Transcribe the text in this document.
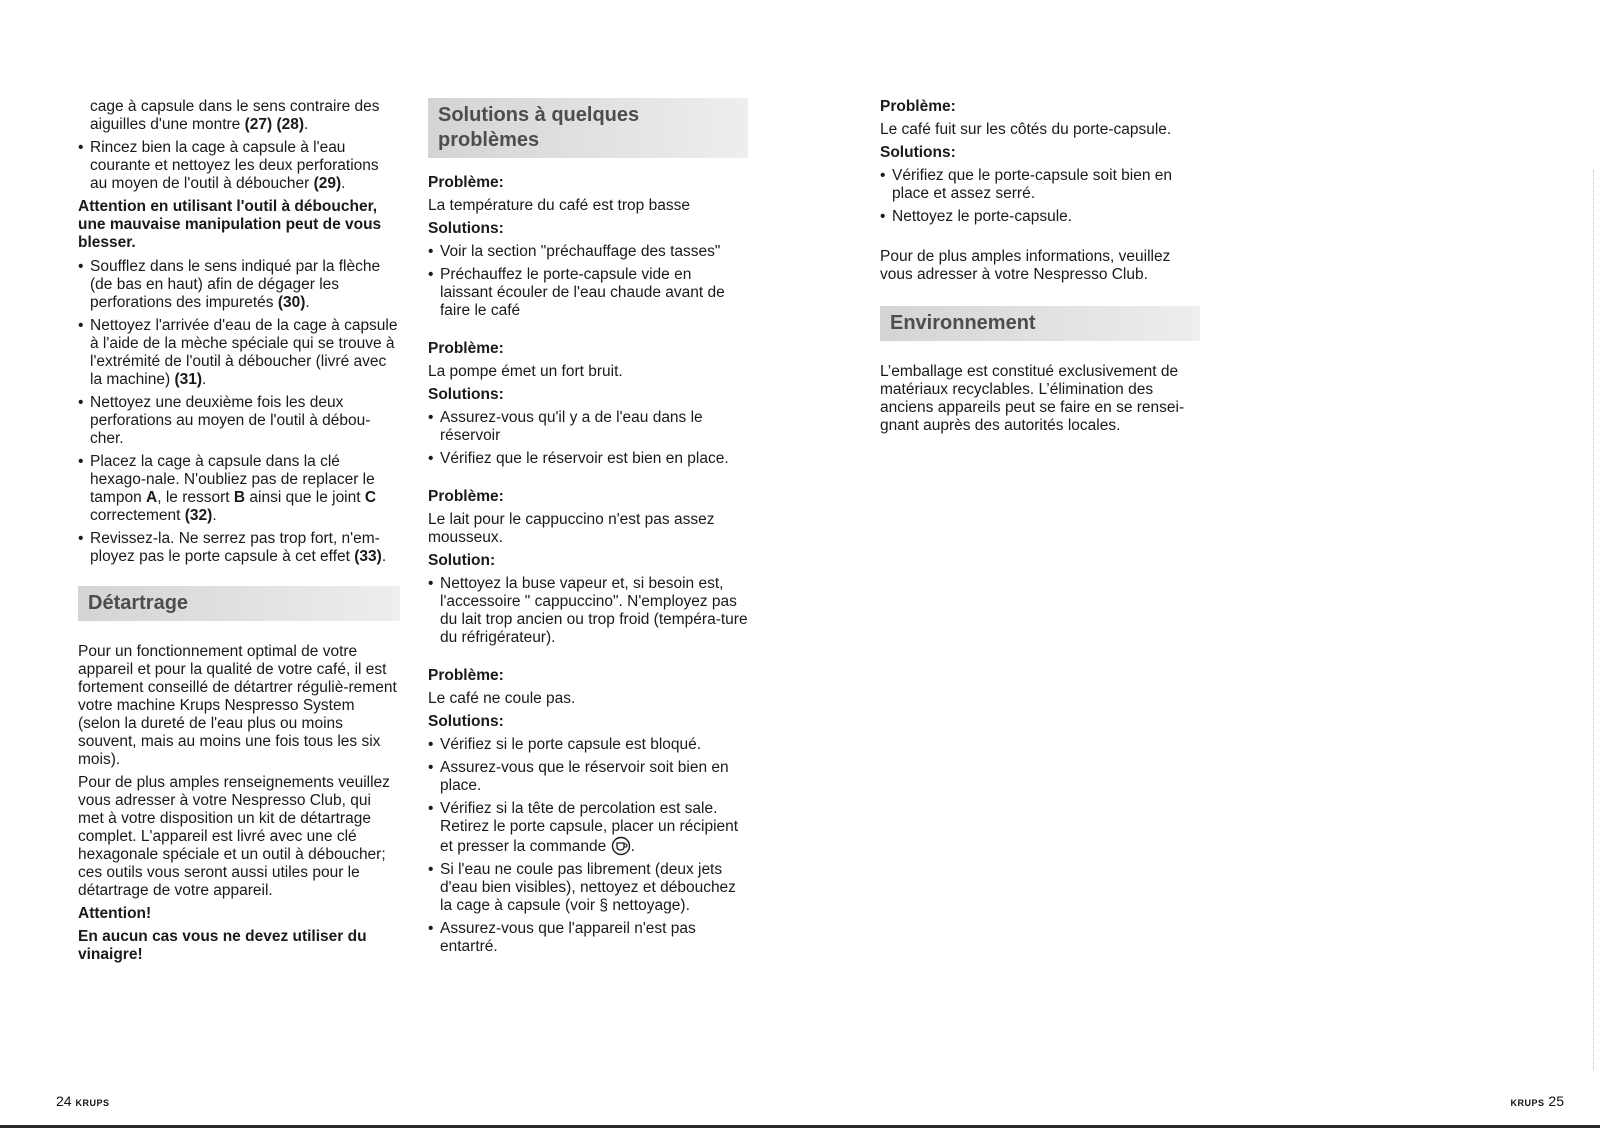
cage à capsule dans le sens contraire des aiguilles d'une montre (27) (28).

• Rincez bien la cage à capsule à l'eau courante et nettoyez les deux perforations au moyen de l'outil à déboucher (29).

Attention en utilisant l'outil à déboucher, une mauvaise manipulation peut de vous blesser.

• Soufflez dans le sens indiqué par la flèche (de bas en haut) afin de dégager les perforations des impuretés (30).

• Nettoyez l'arrivée d'eau de la cage à capsule à l'aide de la mèche spéciale qui se trouve à l'extrémité de l'outil à déboucher (livré avec la machine) (31).

• Nettoyez une deuxième fois les deux perforations au moyen de l'outil à débou-cher.

• Placez la cage à capsule dans la clé hexago-nale. N'oubliez pas de replacer le tampon A, le ressort B ainsi que le joint C correctement (32).

• Revissez-la. Ne serrez pas trop fort, n'em-ployez pas le porte capsule à cet effet (33).

Détartrage

Pour un fonctionnement optimal de votre appareil et pour la qualité de votre café, il est fortement conseillé de détartrer réguliè-rement votre machine Krups Nespresso System (selon la dureté de l'eau plus ou moins souvent, mais au moins une fois tous les six mois).

Pour de plus amples renseignements veuillez vous adresser à votre Nespresso Club, qui met à votre disposition un kit de détartrage complet. L'appareil est livré avec une clé hexagonale spéciale et un outil à déboucher; ces outils vous seront aussi utiles pour le détartrage de votre appareil.

Attention!

En aucun cas vous ne devez utiliser du vinaigre!

Solutions à quelques problèmes

Problème:

La température du café est trop basse

Solutions:

• Voir la section "préchauffage des tasses"

• Préchauffez le porte-capsule vide en laissant écouler de l'eau chaude avant de faire le café

Problème:

La pompe émet un fort bruit.

Solutions:

• Assurez-vous qu'il y a de l'eau dans le réservoir

• Vérifiez que le réservoir est bien en place.

Problème:

Le lait pour le cappuccino n'est pas assez mousseux.

Solution:

• Nettoyez la buse vapeur et, si besoin est, l'accessoire " cappuccino". N'employez pas du lait trop ancien ou trop froid (tempéra-ture du réfrigérateur).

Problème:

Le café ne coule pas.

Solutions:

• Vérifiez si le porte capsule est bloqué.

• Assurez-vous que le réservoir soit bien en place.

• Vérifiez si la tête de percolation est sale.

Retirez le porte capsule, placer un récipient et presser la commande .

• Si l'eau ne coule pas librement (deux jets d'eau bien visibles), nettoyez et débouchez la cage à capsule (voir § nettoyage).

• Assurez-vous que l'appareil n'est pas entartré.

Problème:

Le café fuit sur les côtés du porte-capsule.

Solutions:

• Vérifiez que le porte-capsule soit bien en place et assez serré.

• Nettoyez le porte-capsule.

Pour de plus amples informations, veuillez vous adresser à votre Nespresso Club.

Environnement

L’emballage est constitué exclusivement de matériaux recyclables. L’élimination des anciens appareils peut se faire en se rensei-gnant auprès des autorités locales.

24 KRUPS	KRUPS 25
